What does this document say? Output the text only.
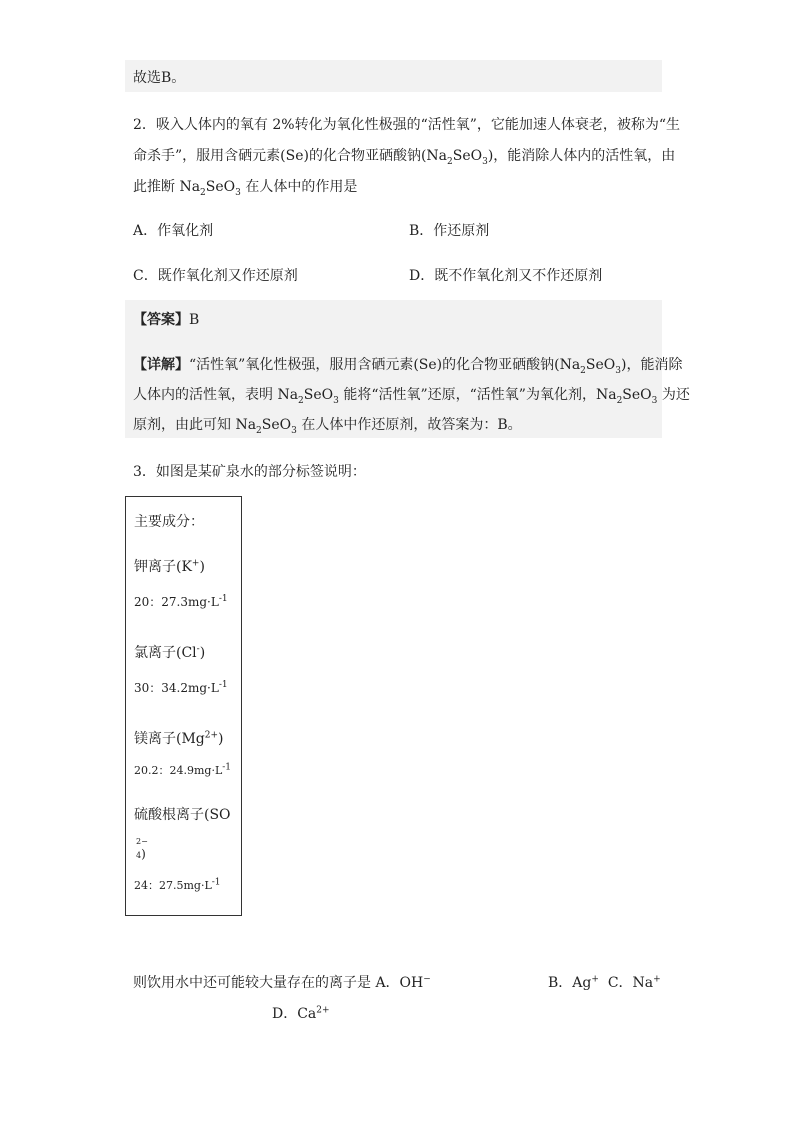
故选B。
2．吸入人体内的氧有 2%转化为氧化性极强的“活性氧”，它能加速人体衰老，被称为“生
命杀手”，服用含硒元素(Se)的化合物亚硒酸钠$(Na_2SeO_3)$，能消除人体内的活性氧，由
此推断 $Na_2SeO_3$ 在人体中的作用是
A．作氧化剂	B．作还原剂
C．既作氧化剂又作还原剂	D．既不作氧化剂又不作还原剂
【答案】B
【详解】“活性氧”氧化性极强，服用含硒元素(Se)的化合物亚硒酸钠$(Na_2SeO_3)$，能消除
人体内的活性氧，表明 $Na_2SeO_3$ 能将“活性氧”还原，“活性氧”为氧化剂，$Na_2SeO_3$ 为还
原剂，由此可知 $Na_2SeO_3$ 在人体中作还原剂，故答案为：B。
3．如图是某矿泉水的部分标签说明：
主要成分：
钾离子(K+)
20：$27.3mg\cdot L^{-1}$
氯离子(Cl-)
30：$34.2mg\cdot L^{-1}$
镁离子$(Mg^{2+})$
20.2：$24.9mg\cdot L^{-1}$
硫酸根离子(SO
2−
4)
24：$27.5mg\cdot L^{-1}$
则饮用水中还可能较大量存在的离子是 A．OH−	B．Ag+ C．Na+
D．$Ca^{2+}$
